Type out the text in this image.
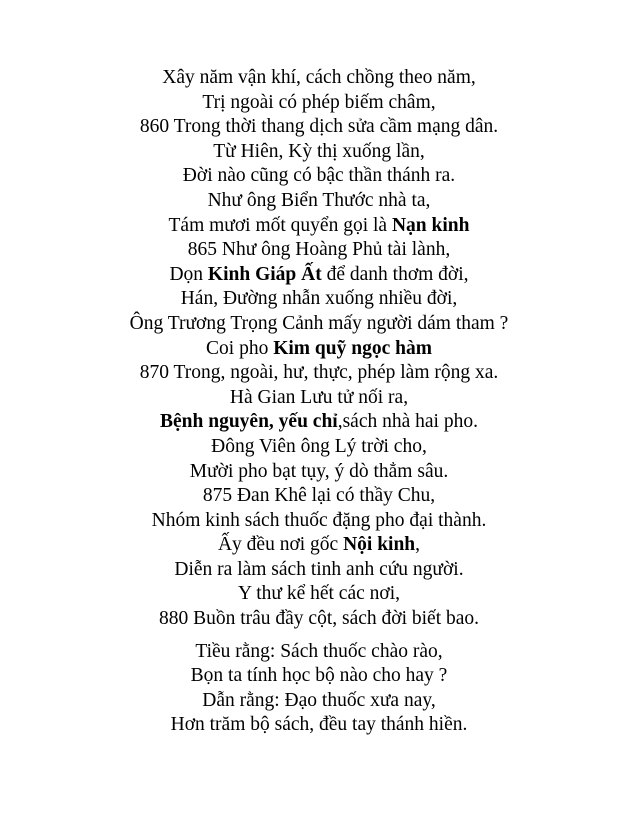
Xây năm vận khí, cách chồng theo năm,
Trị ngoài có phép biếm châm,
860 Trong thời thang dịch sửa cầm mạng dân.
Từ Hiên, Kỳ thị xuống lần,
Đời nào cũng có bậc thần thánh ra.
Như ông Biển Thước nhà ta,
Tám mươi mốt quyển gọi là Nạn kinh
865 Như ông Hoàng Phủ tài lành,
Dọn Kinh Giáp Ất để danh thơm đời,
Hán, Đường nhẫn xuống nhiều đời,
Ông Trương Trọng Cảnh mấy người dám tham ?
Coi pho Kim quỹ ngọc hàm
870 Trong, ngoài, hư, thực, phép làm rộng xa.
Hà Gian Lưu tử nối ra,
Bệnh nguyên, yếu chỉ,sách nhà hai pho.
Đông Viên ông Lý trời cho,
Mười pho bạt tụy, ý dò thẳm sâu.
875 Đan Khê lại có thầy Chu,
Nhóm kinh sách thuốc đặng pho đại thành.
Ấy đều nơi gốc Nội kinh,
Diễn ra làm sách tinh anh cứu người.
Y thư kể hết các nơi,
880 Buồn trâu đầy cột, sách đời biết bao.
Tiều rằng: Sách thuốc chào rào,
Bọn ta tính học bộ nào cho hay ?
Dẫn rằng: Đạo thuốc xưa nay,
Hơn trăm bộ sách, đều tay thánh hiền.
